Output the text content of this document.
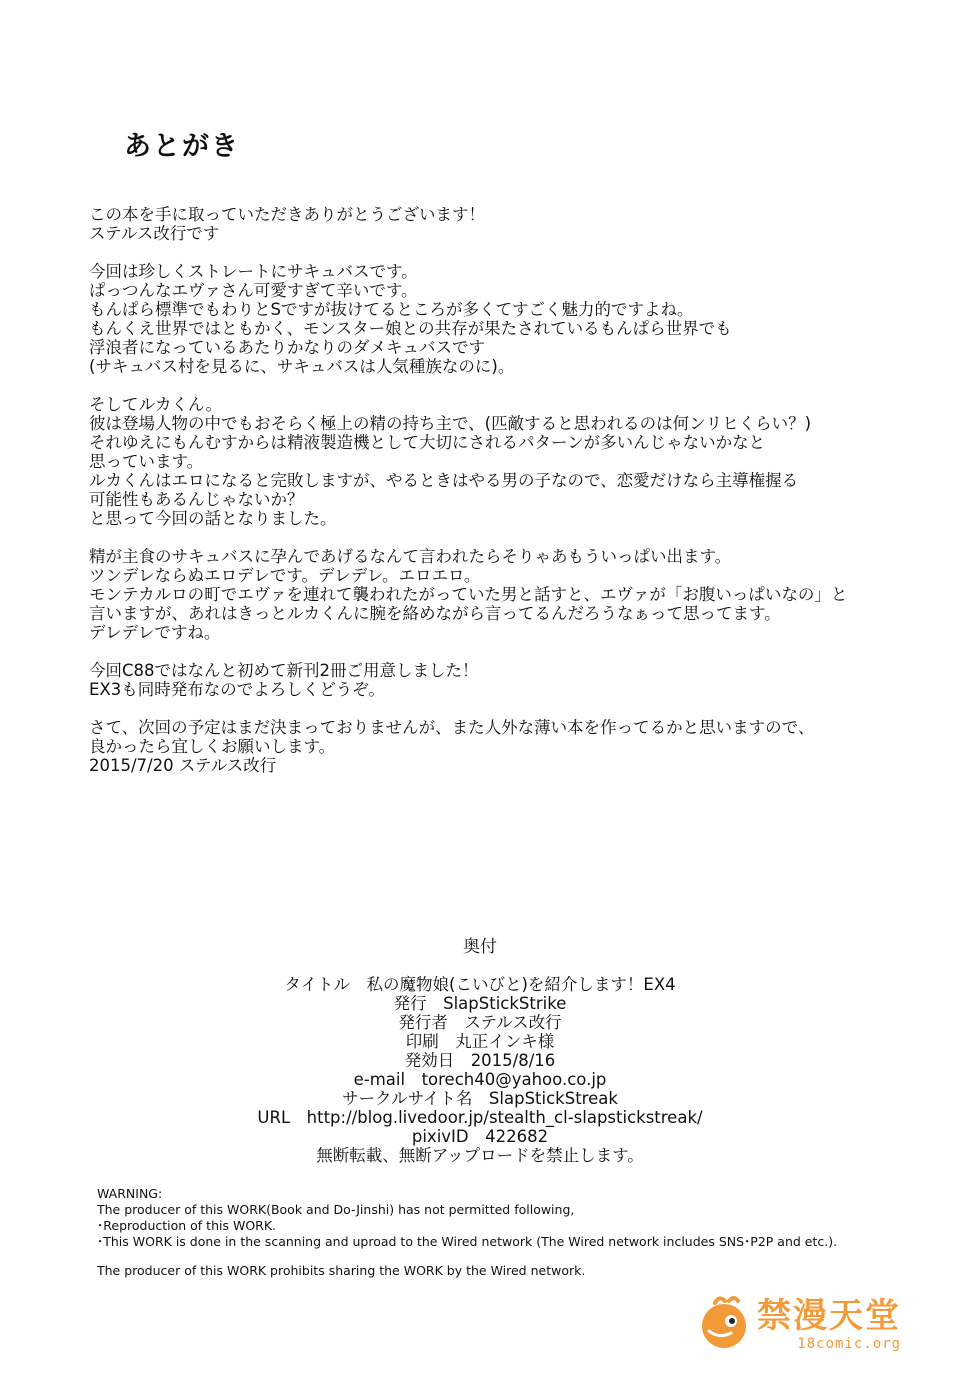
あとがき

この本を手に取っていただきありがとうございます！
ステルス改行です

今回は珍しくストレートにサキュバスです。
ぱっつんなエヴァさん可愛すぎて辛いです。
もんぱら標準でもわりとSですが抜けてるところが多くてすごく魅力的ですよね。
もんくえ世界ではともかく、モンスター娘との共存が果たされているもんぱら世界でも
浮浪者になっているあたりかなりのダメキュバスです
(サキュバス村を見るに、サキュバスは人気種族なのに)。

そしてルカくん。
彼は登場人物の中でもおそらく極上の精の持ち主で、(匹敵すると思われるのは何ンリヒくらい？)
それゆえにもんむすからは精液製造機として大切にされるパターンが多いんじゃないかなと
思っています。
ルカくんはエロになると完敗しますが、やるときはやる男の子なので、恋愛だけなら主導権握る
可能性もあるんじゃないか？
と思って今回の話となりました。

精が主食のサキュバスに孕んであげるなんて言われたらそりゃあもういっぱい出ます。
ツンデレならぬエロデレです。デレデレ。エロエロ。
モンテカルロの町でエヴァを連れて襲われたがっていた男と話すと、エヴァが「お腹いっぱいなの」と
言いますが、あれはきっとルカくんに腕を絡めながら言ってるんだろうなぁって思ってます。
デレデレですね。

今回C88ではなんと初めて新刊2冊ご用意しました！
EX3も同時発布なのでよろしくどうぞ。

さて、次回の予定はまだ決まっておりませんが、また人外な薄い本を作ってるかと思いますので、
良かったら宜しくお願いします。
2015/7/20 ステルス改行

奥付
タイトル　私の魔物娘(こいびと)を紹介します！EX4
発行　SlapStickStrike
発行者　ステルス改行
印刷　丸正インキ様
発効日　2015/8/16
e-mail　torech40@yahoo.co.jp
サークルサイト名　SlapStickStreak
URL　http://blog.livedoor.jp/stealth_cl-slapstickstreak/
pixivID　422682
無断転載、無断アップロードを禁止します。
WARNING:
The producer of this WORK(Book and Do-Jinshi) has not permitted following,
･Reproduction of this WORK.
･This WORK is done in the scanning and uproad to the Wired network (The Wired network includes SNS･P2P and etc.).
The producer of this WORK prohibits sharing the WORK by the Wired network.
禁漫天堂
18comic.org
